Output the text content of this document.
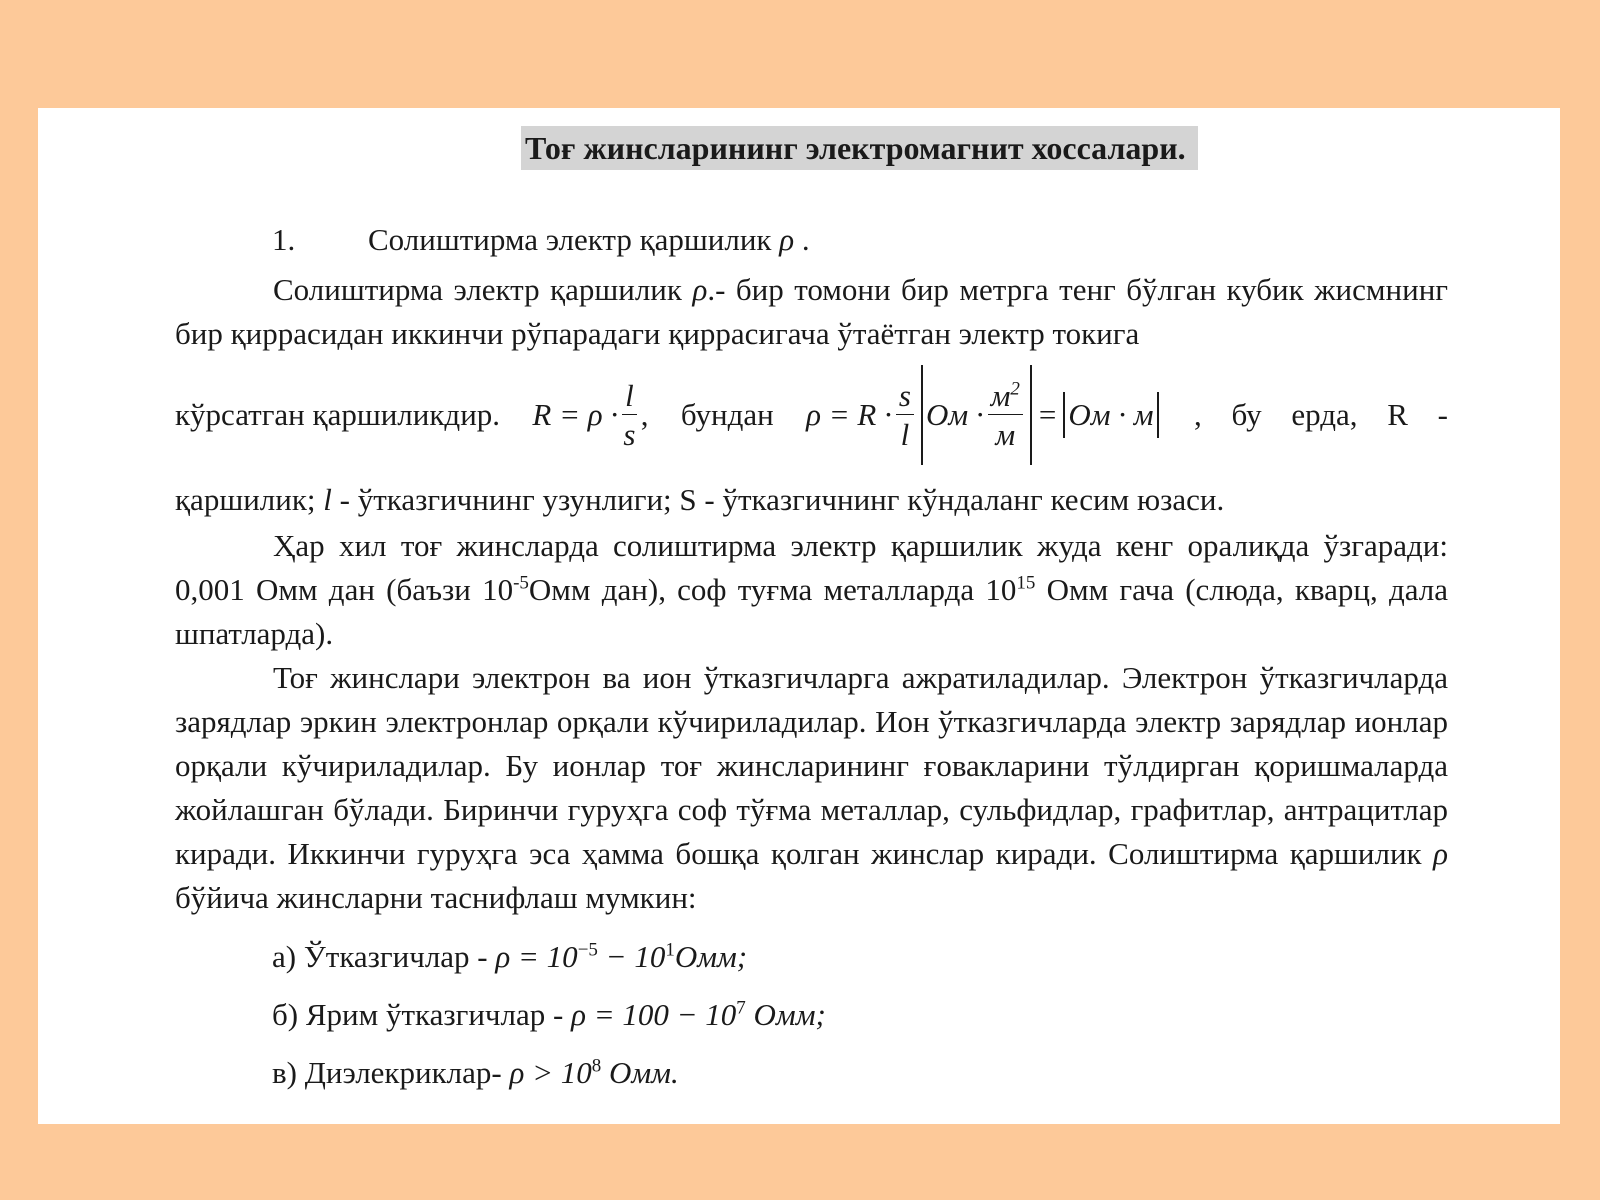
Тоғ жинсларининг электромагнит хоссалари.
1.	Солиштирма электр қаршилик
ρ
.

Солиштирма электр қаршилик ρ.- бир томони бир метрга тенг бўлган кубик жисмнинг бир қиррасидан иккинчи рўпарадаги қиррасигача ўтаётган электр токига

кўрсатган қаршиликдир. $R = \rho \cdot \frac{l}{s}$ , бундан $\rho = R \cdot \frac{s}{l}$ Ом · $\frac{м^2}{м}$ = Ом · м , бу ерда, R -

қаршилик; l - ўтказгичнинг узунлиги; S - ўтказгичнинг кўндаланг кесим юзаси.

Ҳар хил тоғ жинсларда солиштирма электр қаршилик жуда кенг оралиқда ўзгаради: 0,001 Омм дан (баъзи $10^{-5}Омм$ дан), соф туғма металларда $10^{15}$ Омм гача (слюда, кварц, дала шпатларда).

Тоғ жинслари электрон ва ион ўтказгичларга ажратиладилар. Электрон ўтказгичларда зарядлар эркин электронлар орқали кўчириладилар. Ион ўтказгичларда электр зарядлар ионлар орқали кўчириладилар. Бу ионлар тоғ жинсларининг ғовакларини тўлдирган қоришмаларда жойлашган бўлади. Биринчи гуруҳга соф тўғма металлар, сульфидлар, графитлар, антрацитлар киради. Иккинчи гуруҳга эса ҳамма бошқа қолган жинслар киради. Солиштирма қаршилик ρ бўйича жинсларни таснифлаш мумкин:

а) Ўтказгичлар - $\rho = 10^{-5} - 10^1Омм$;
б) Ярим ўтказгичлар - $\rho = 100 - 10^7$ Омм;
в) Диэлекриклар- $\rho > 10^8$ Омм.
